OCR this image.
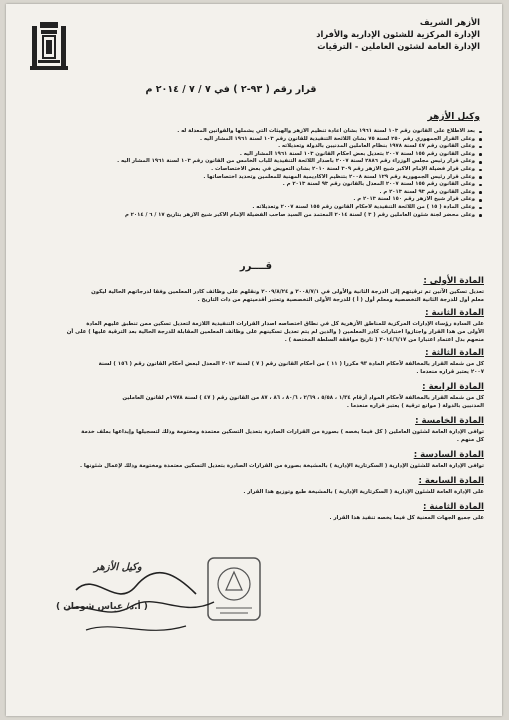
الأزهر الشريف
الإدارة المركزية للشئون الإدارية والأفراد
الإدارة العامة لشئون العاملين - الترقيات
قرار رقم ( ٩٣-٢ ) في ٧ / ٧ / ٢٠١٤ م
وكيل الأزهر
بعد الاطلاع على القانون رقم ١٠٣ لسنة ١٩٦١ بشأن اعادة تنظيم الأزهر والهيئات التي يشملها والقوانين المعدلة له .
وعلى القرار الجمهوري رقم ٢٥٠ لسنة ٧٥ بشأن اللائحة التنفيذية للقانون رقم ١٠٣ لسنة ١٩٦١ المشار اليه .
وعلى القانون رقم ٤٧ لسنة ١٩٧٨ بنظام العاملين المدنيين بالدولة وتعديلاته .
وعلى القانون رقم ١٥٥ لسنة ٢٠٠٧ بتعديل بعض احكام القانون ١٠٣ لسنة ١٩٦١ المشار اليه .
وعلى قرار رئيس مجلس الوزراء رقم ٢٨٨٦ لسنة ٢٠٠٧ باصدار اللائحة التنفيذية للباب الخامس من القانون رقم ١٠٣ لسنة ١٩٦١ المشار اليه .
وعلى قرار فضيلة الإمام الأكبر شيخ الأزهر رقم ٣٠٩ لسنة ٢٠١٠ بشأن التعويض في بعض الاختصاصات .
وعلى قرار رئيس الجمهورية رقم ١٢٩ لسنة ٢٠٠٨ بتنظيم الأكاديمية المهنية للمعلمين وتحديد اختصاصاتها .
وعلى القانون رقم ١٥٥ لسنة ٢٠٠٧ المعدل بالقانون رقم ٩٣ لسنة ٢٠١٣ م .
وعلى القانون رقم ٩٣ لسنة ٢٠١٣ م .
وعلى قرار شيخ الأزهر رقم ١٥٠ لسنة ٢٠١٣ م .
وعلى المادة ( ١٥ ) من اللائحة التنفيذية لأحكام القانون رقم ١٥٥ لسنة ٢٠٠٧ وتعديلاته .
وعلى محضر لجنة شئون العاملين رقم ( ٣ ) لسنة ٢٠١٤ المعتمد من السيد صاحب الفضيلة الإمام الأكبر شيخ الأزهر بتاريخ ١٧ / ٦ / ٢٠١٤ م
قــــرر
المادة الأولى :
تعديل تسكين الآتين تم ترقيتهم إلى الدرجة الثانية والأولى في ٢٠٠٨/٧/١ و ٢٠٠٩/٨/٢٤ ونقلهم على وظائف كادر المعلمين وفقا لدرجاتهم الحالية ليكون
معلم أول للدرجة الثانية التخصصية ومعلم أول ( أ ) للدرجة الأولى التخصصية وتعتبر أقدميتهم من ذات التاريخ .
المادة الثانية :
على السادة رؤساء الإدارات المركزية للمناطق الأزهرية كل في نطاق اختصاصه اصدار القرارات التنفيذية اللازمة لتعديل تسكين ممن تنطبق عليهم المادة
الأولى من هذا القرار واجتازوا اختبارات كادر المعلمين ( والذين لم يتم تعديل تسكينهم على وظائف المعلمين المقابلة للدرجة الحالية بعد الترقية عليها ) على أن
منحهم بدل اعتماد اعتبارا من ٢٠١٤/٦/١٧ ( تاريخ موافقة السلطة المختصة ) .
المادة الثالثة :
كل من شمله القرار بالمخالفة لأحكام المادة ٩٣ مكررا ( ١١ ) من أحكام القانون رقم ( ٧ ) لسنة ٢٠١٣ المعدل لبعض أحكام القانون رقم ( ١٥٦ ) لسنة
٢٠٠٧ يعتبر قراره منعدما .
المادة الرابعة :
كل من شمله القرار بالمخالفة لأحكام المواد أرقام ١/٣٤ ، ٥/٥٨ ، ٢/٦٩ ، ٨٠/٦ ، ٨٦ ، ٨٧ من القانون رقم ( ٤٧ ) لسنة ١٩٧٨م لقانون العاملين
المدنيين بالدولة ( موانع ترقية ) يعتبر قراره منعدما .
المادة الخامسة :
توافى الإدارة العامة لشئون العاملين ( كل فيما يخصه ) بصورة من القرارات الصادرة بتعديل التسكين معتمدة ومختومة وذلك لتسجيلها وإيداعها بملف خدمة
كل منهم .
المادة السادسة :
توافى الإدارة العامة للشئون الإدارية ( السكرتارية الإدارية ) بالمشيخة بصورة من القرارات الصادرة بتعديل التسكين معتمدة ومختومة وذلك لإعمال شئونها .
المادة السابعة :
على الإدارة العامة للشئون الإدارية ( السكرتارية الإدارية ) بالمشيخة طبع وتوزيع هذا القرار .
المادة الثامنة :
على جميع الجهات المعنية كل فيما يخصه تنفيذ هذا القرار .
وكيل الأزهر
( أ.د/ عباس شومان )
